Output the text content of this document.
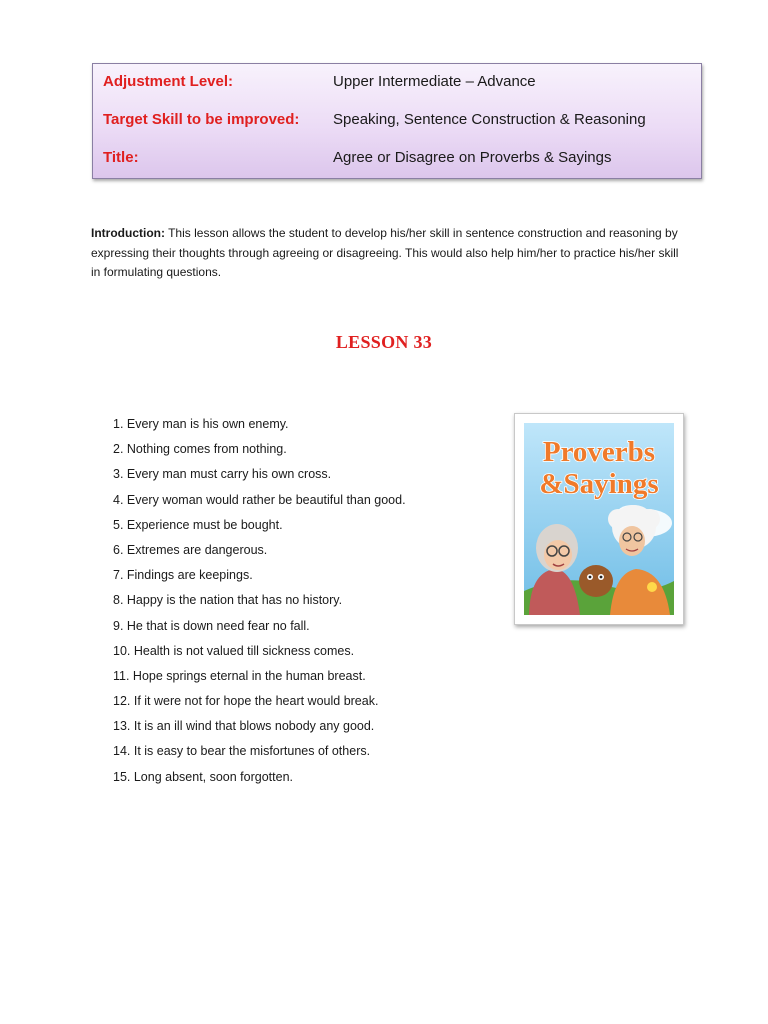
Adjustment Level:	Upper Intermediate – Advance
Target Skill to be improved: Speaking, Sentence Construction & Reasoning
Title:	Agree or Disagree on Proverbs & Sayings

Introduction: This lesson allows the student to develop his/her skill in sentence construction and reasoning by expressing their thoughts through agreeing or disagreeing. This would also help him/her to practice his/her skill in formulating questions.

LESSON 33
1. Every man is his own enemy.
2. Nothing comes from nothing.
3. Every man must carry his own cross.
4. Every woman would rather be beautiful than good.
5. Experience must be bought.
6. Extremes are dangerous.
7. Findings are keepings.
8. Happy is the nation that has no history.
9. He that is down need fear no fall.
10. Health is not valued till sickness comes.
11. Hope springs eternal in the human breast.
12. If it were not for hope the heart would break.
13. It is an ill wind that blows nobody any good.
14. It is easy to bear the misfortunes of others.
15. Long absent, soon forgotten.
Proverbs
&Sayings
